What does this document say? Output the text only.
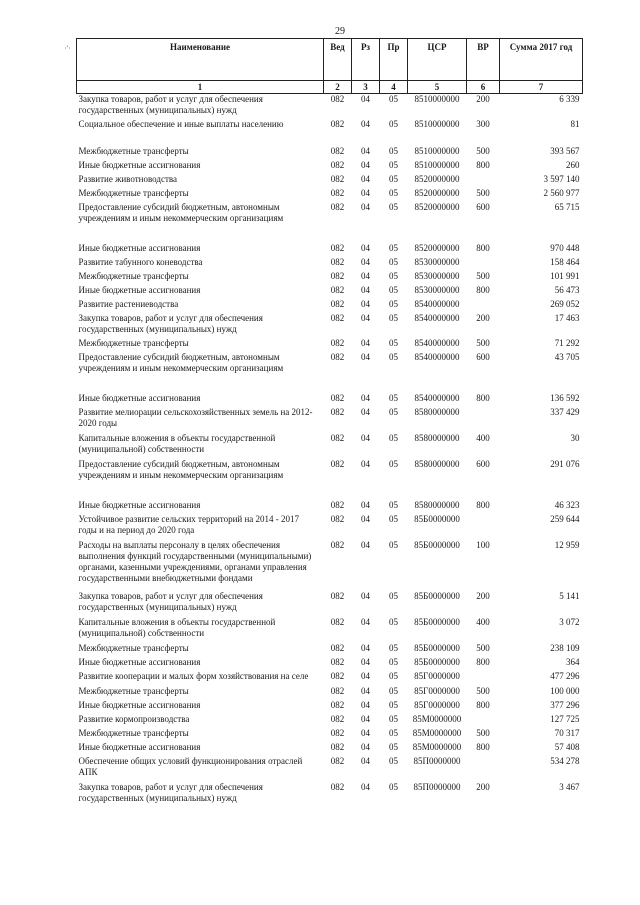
29
·'·	Наименование	Вед	Рз	Пр	ЦСР	ВР	Сумма 2017 год
1	2	3	4	5	6	7
Закупка товаров, работ и услуг для обеспечения государственных (муниципальных) нужд	082	04	05	8510000000	200	6 339
Социальное обеспечение и иные выплаты населению	082	04	05	8510000000	300	81
Межбюджетные трансферты	082	04	05	8510000000	500	393 567
Иные бюджетные ассигнования	082	04	05	8510000000	800	260
Развитие животноводства	082	04	05	8520000000		3 597 140
Межбюджетные трансферты	082	04	05	8520000000	500	2 560 977
Предоставление субсидий бюджетным, автономным учреждениям и иным некоммерческим организациям	082	04	05	8520000000	600	65 715
Иные бюджетные ассигнования	082	04	05	8520000000	800	970 448
Развитие табунного коневодства	082	04	05	8530000000		158 464
Межбюджетные трансферты	082	04	05	8530000000	500	101 991
Иные бюджетные ассигнования	082	04	05	8530000000	800	56 473
Развитие растениеводства	082	04	05	8540000000		269 052
Закупка товаров, работ и услуг для обеспечения государственных (муниципальных) нужд	082	04	05	8540000000	200	17 463
Межбюджетные трансферты	082	04	05	8540000000	500	71 292
Предоставление субсидий бюджетным, автономным учреждениям и иным некоммерческим организациям	082	04	05	8540000000	600	43 705
Иные бюджетные ассигнования	082	04	05	8540000000	800	136 592
Развитие мелиорации сельскохозяйственных земель на 2012-2020 годы	082	04	05	8580000000		337 429
Капитальные вложения в объекты государственной (муниципальной) собственности	082	04	05	8580000000	400	30
Предоставление субсидий бюджетным, автономным учреждениям и иным некоммерческим организациям	082	04	05	8580000000	600	291 076
Иные бюджетные ассигнования	082	04	05	8580000000	800	46 323
Устойчивое развитие сельских территорий на 2014 - 2017 годы и на период до 2020 года	082	04	05	85Б0000000		259 644
Расходы на выплаты персоналу в целях обеспечения выполнения функций государственными (муниципальными) органами, казенными учреждениями, органами управления государственными внебюджетными фондами	082	04	05	85Б0000000	100	12 959
Закупка товаров, работ и услуг для обеспечения государственных (муниципальных) нужд	082	04	05	85Б0000000	200	5 141
Капитальные вложения в объекты государственной (муниципальной) собственности	082	04	05	85Б0000000	400	3 072
Межбюджетные трансферты	082	04	05	85Б0000000	500	238 109
Иные бюджетные ассигнования	082	04	05	85Б0000000	800	364
Развитие кооперации и малых форм хозяйствования на селе	082	04	05	85Г0000000		477 296
Межбюджетные трансферты	082	04	05	85Г0000000	500	100 000
Иные бюджетные ассигнования	082	04	05	85Г0000000	800	377 296
Развитие кормопроизводства	082	04	05	85М0000000		127 725
Межбюджетные трансферты	082	04	05	85М0000000	500	70 317
Иные бюджетные ассигнования	082	04	05	85М0000000	800	57 408
Обеспечение общих условий функционирования отраслей АПК	082	04	05	85П0000000		534 278
Закупка товаров, работ и услуг для обеспечения государственных (муниципальных) нужд	082	04	05	85П0000000	200	3 467
